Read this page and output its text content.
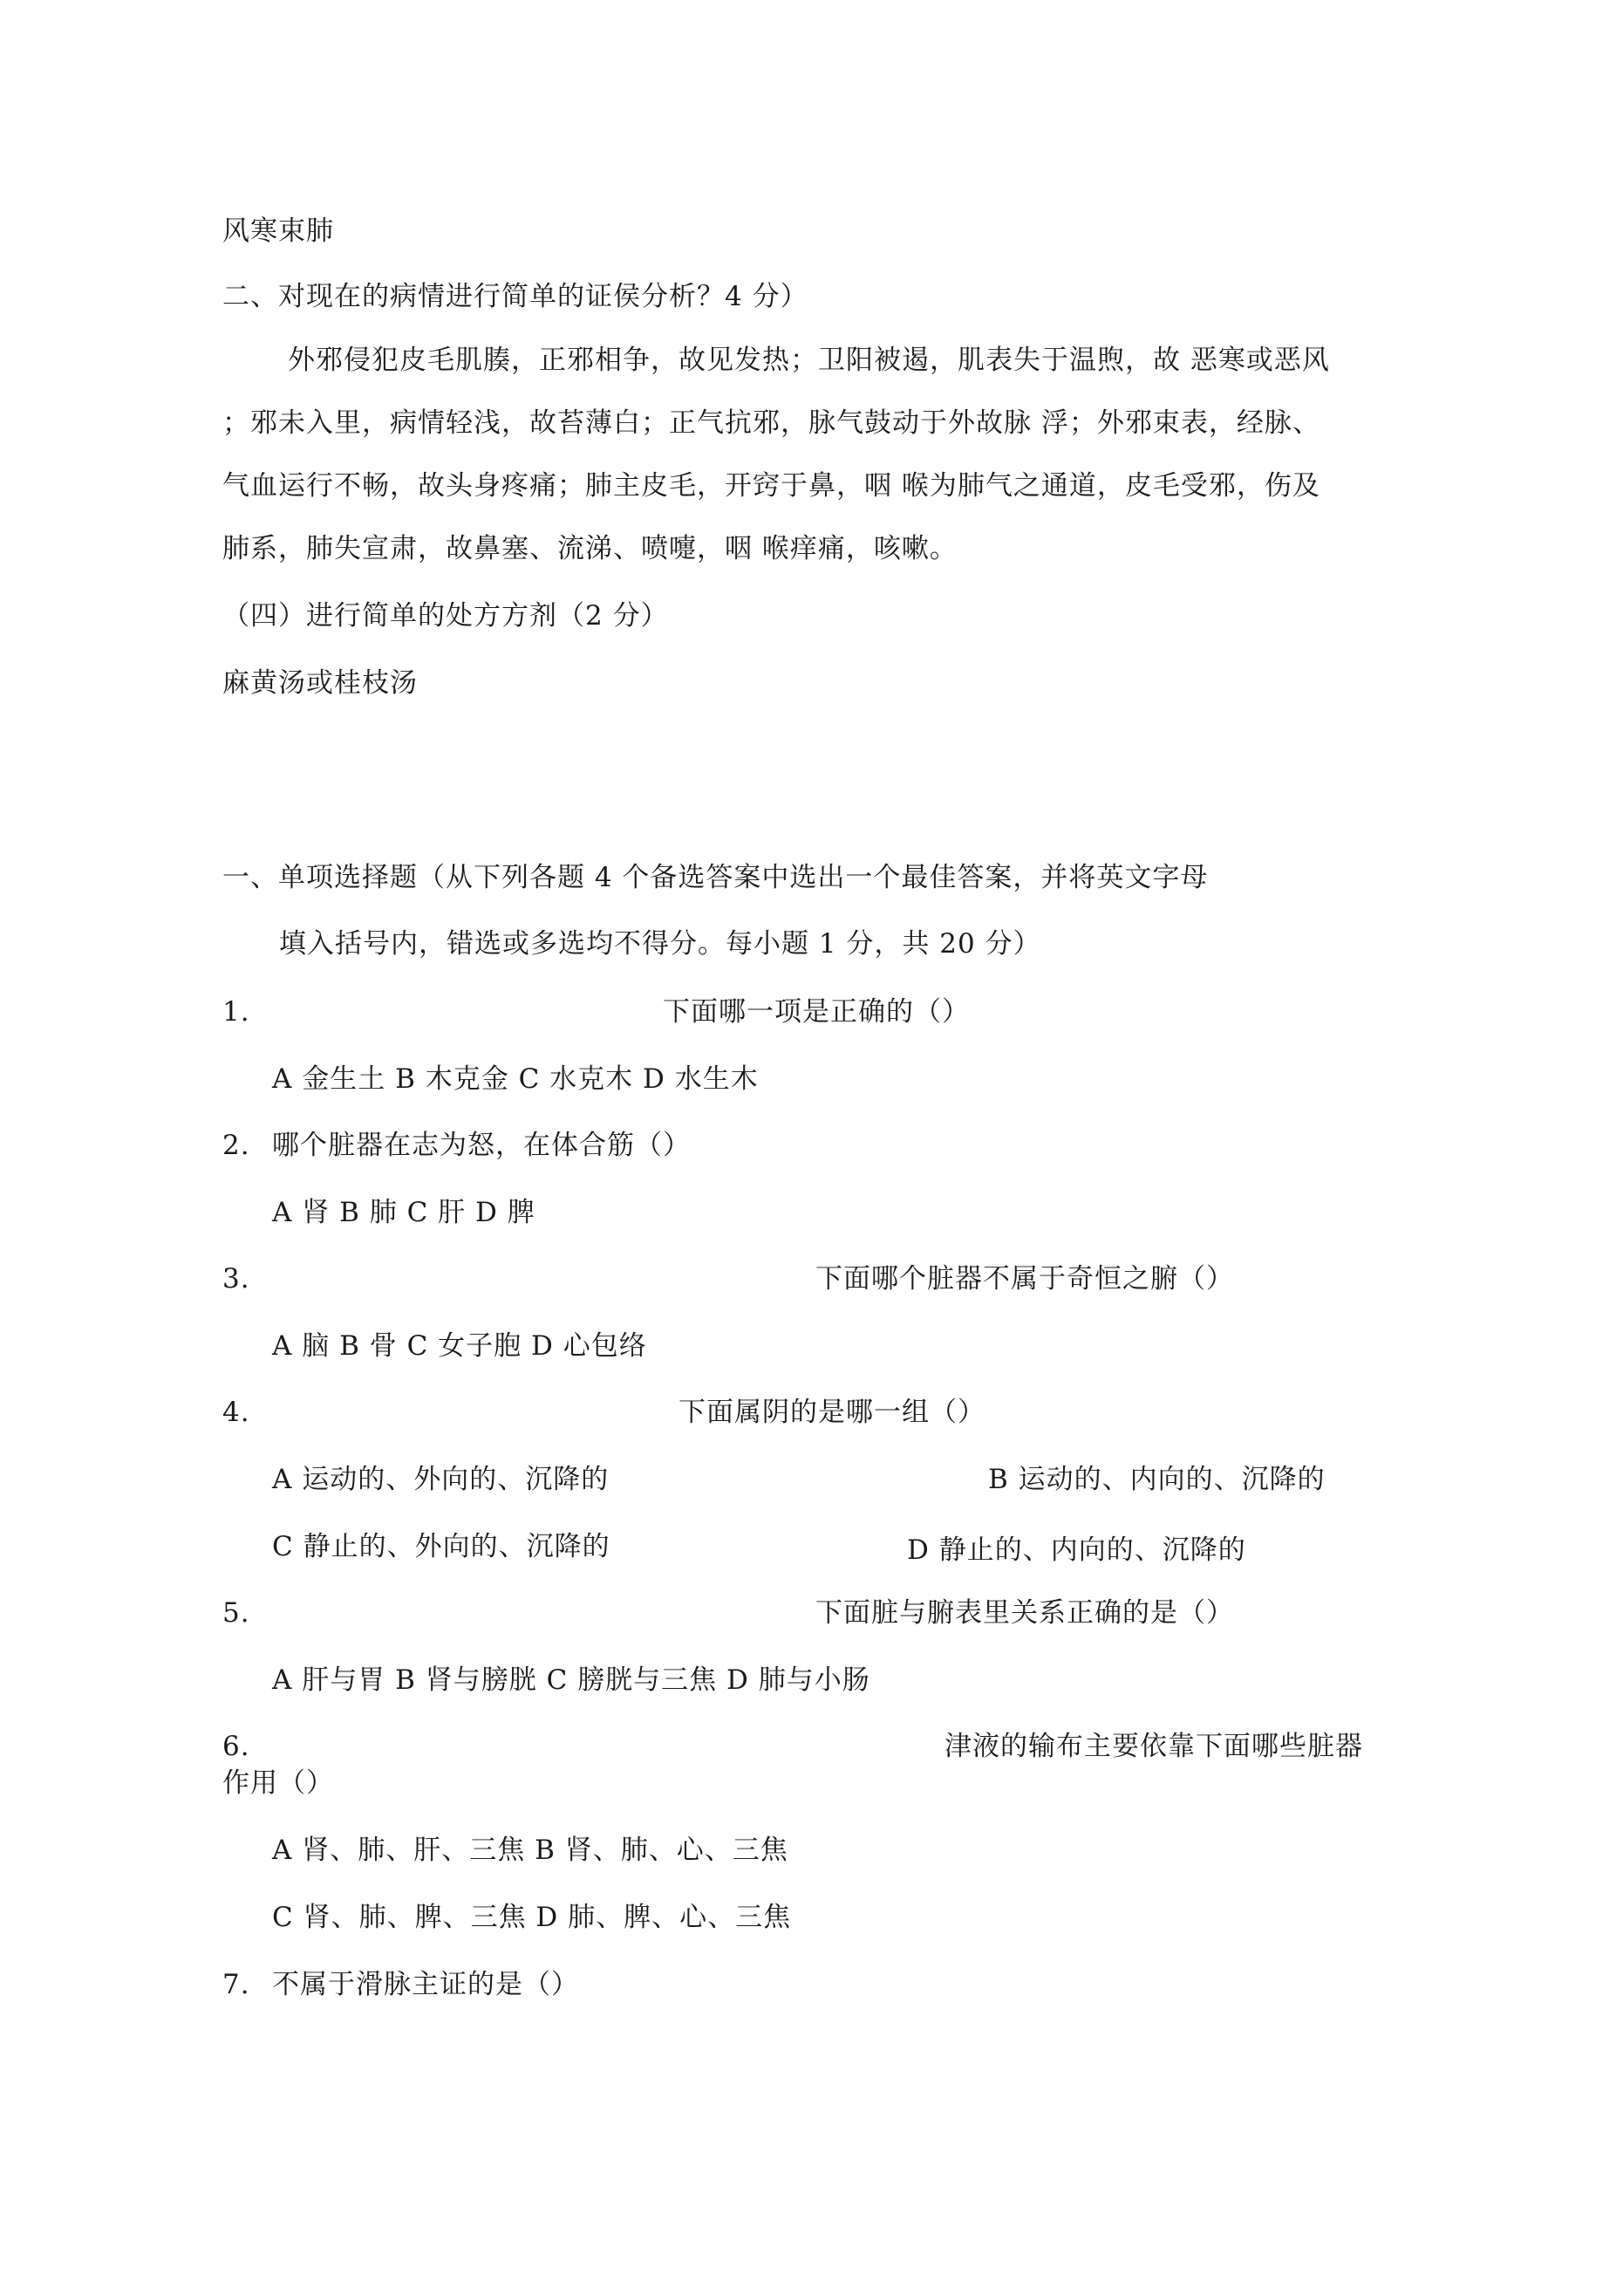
风寒束肺
二、对现在的病情进行简单的证侯分析？4 分）
外邪侵犯皮毛肌腠，正邪相争，故见发热；卫阳被遏，肌表失于温煦，故 恶寒或恶风
；邪未入里，病情轻浅，故苔薄白；正气抗邪，脉气鼓动于外故脉 浮；外邪束表，经脉、
气血运行不畅，故头身疼痛；肺主皮毛，开窍于鼻，咽 喉为肺气之通道，皮毛受邪，伤及
肺系，肺失宣肃，故鼻塞、流涕、喷嚏，咽 喉痒痛，咳嗽。
（四）进行简单的处方方剂（2 分）
麻黄汤或桂枝汤
一、单项选择题（从下列各题 4 个备选答案中选出一个最佳答案，并将英文字母
填入括号内，错选或多选均不得分。每小题 1 分，共 20 分）
1.	下面哪一项是正确的（）
A 金生土 B 木克金 C 水克木 D 水生木
2. 哪个脏器在志为怒，在体合筋（）
A 肾 B 肺 C 肝 D 脾
3.	下面哪个脏器不属于奇恒之腑（）
A 脑 B 骨 C 女子胞 D 心包络
4.	下面属阴的是哪一组（）
A 运动的、外向的、沉降的	B 运动的、内向的、沉降的
C 静止的、外向的、沉降的	D 静止的、内向的、沉降的
5.	下面脏与腑表里关系正确的是（）
A 肝与胃 B 肾与膀胱 C 膀胱与三焦 D 肺与小肠
6.	津液的输布主要依靠下面哪些脏器
作用（）
A 肾、肺、肝、三焦 B 肾、肺、心、三焦
C 肾、肺、脾、三焦 D 肺、脾、心、三焦
7. 不属于滑脉主证的是（）
